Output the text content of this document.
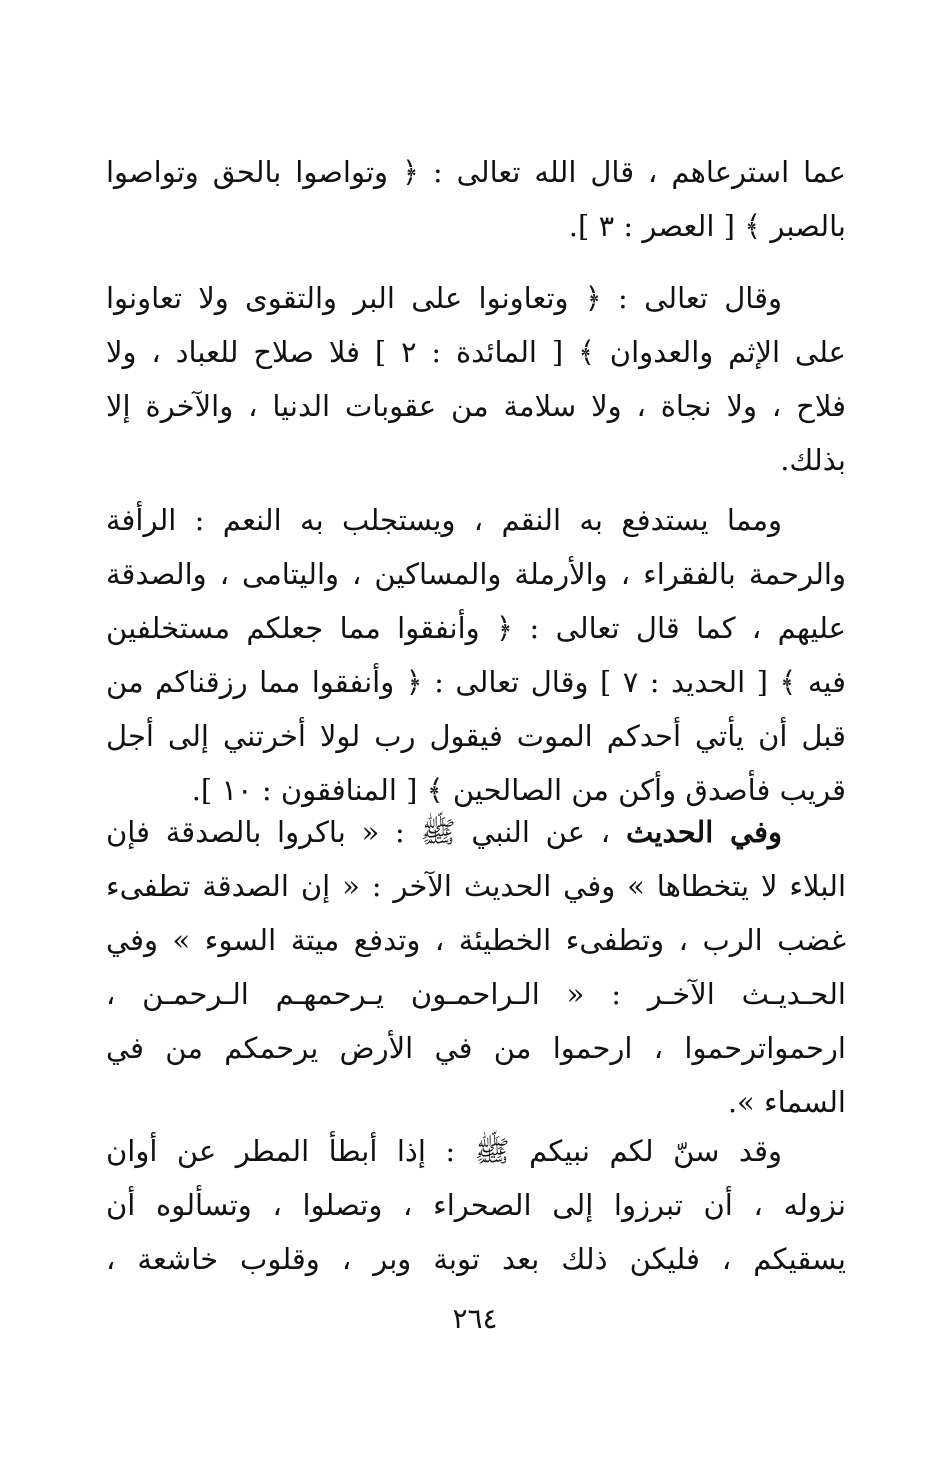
عما استرعاهم ، قال الله تعالى : ﴿ وتواصوا بالحق وتواصوا
بالصبر ﴾ [ العصر : ٣ ].
وقال تعالى : ﴿ وتعاونوا على البر والتقوى ولا تعاونوا
على الإثم والعدوان ﴾ [ المائدة : ٢ ] فلا صلاح للعباد ، ولا
فلاح ، ولا نجاة ، ولا سلامة من عقوبات الدنيا ، والآخرة إلا
بذلك.
ومما يستدفع به النقم ، ويستجلب به النعم : الرأفة
والرحمة بالفقراء ، والأرملة والمساكين ، واليتامى ، والصدقة
عليهم ، كما قال تعالى : ﴿ وأنفقوا مما جعلكم مستخلفين
فيه ﴾ [ الحديد : ٧ ] وقال تعالى : ﴿ وأنفقوا مما رزقناكم من
قبل أن يأتي أحدكم الموت فيقول رب لولا أخرتني إلى أجل
قريب فأصدق وأكن من الصالحين ﴾ [ المنافقون : ١٠ ].
وفي الحديث ، عن النبي ﷺ : « باكروا بالصدقة فإن
البلاء لا يتخطاها » وفي الحديث الآخر : « إن الصدقة تطفىء
غضب الرب ، وتطفىء الخطيئة ، وتدفع ميتة السوء » وفي
الحـديـث الآخـر : « الـراحمـون يـرحمهـم الـرحمـن ،
ارحمواترحموا ، ارحموا من في الأرض يرحمكم من في
السماء ».
وقد سنّ لكم نبيكم ﷺ : إذا أبطأ المطر عن أوان
نزوله ، أن تبرزوا إلى الصحراء ، وتصلوا ، وتسألوه أن
يسقيكم ، فليكن ذلك بعد توبة وبر ، وقلوب خاشعة ،
٢٦٤
